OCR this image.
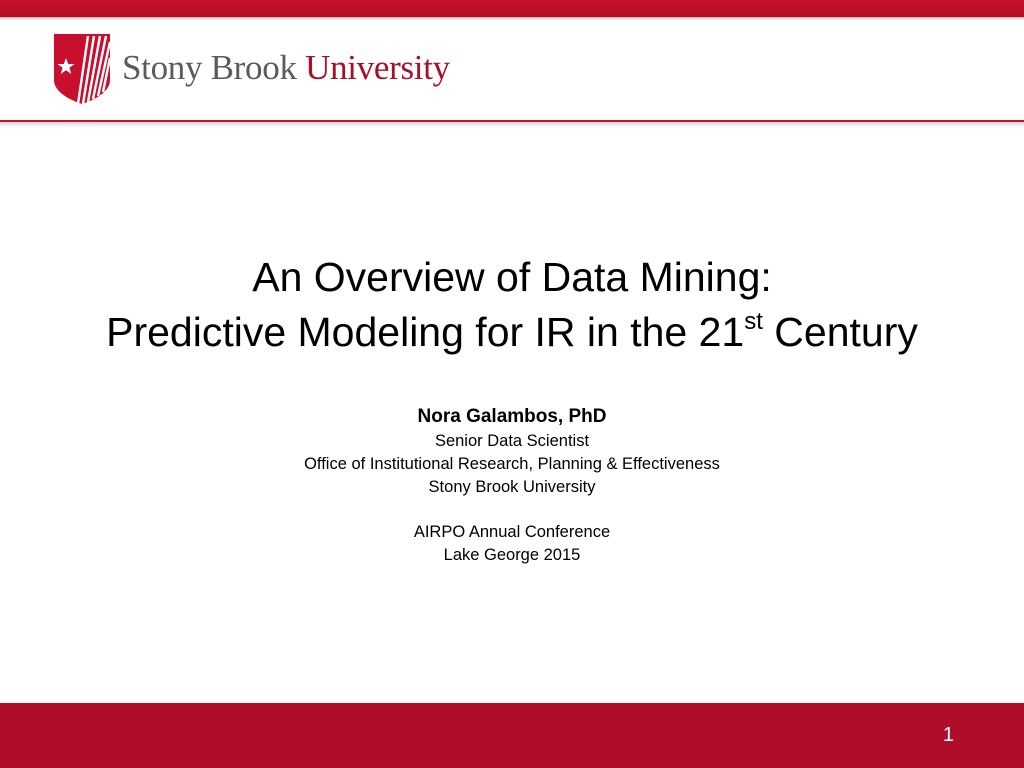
Stony Brook University
An Overview of Data Mining:
Predictive Modeling for IR in the 21st Century
Nora Galambos, PhD
Senior Data Scientist
Office of Institutional Research, Planning & Effectiveness
Stony Brook University
AIRPO Annual Conference
Lake George 2015
1
